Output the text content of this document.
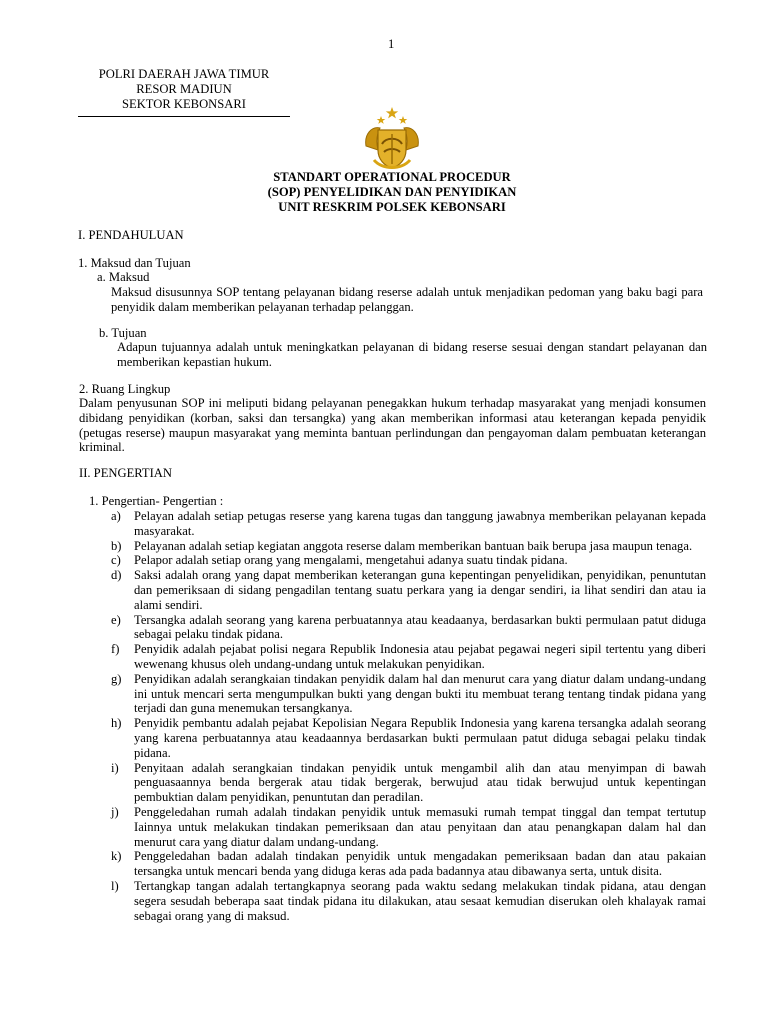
1
POLRI DAERAH JAWA TIMUR
RESOR MADIUN
SEKTOR KEBONSARI
STANDART OPERATIONAL PROCEDUR
(SOP) PENYELIDIKAN DAN PENYIDIKAN
UNIT RESKRIM POLSEK KEBONSARI
I. PENDAHULUAN
1. Maksud dan Tujuan
a. Maksud
Maksud disusunnya SOP tentang pelayanan bidang reserse adalah untuk menjadikan pedoman yang baku bagi para penyidik dalam memberikan pelayanan terhadap pelanggan.
b. Tujuan
Adapun tujuannya adalah untuk meningkatkan pelayanan di bidang reserse sesuai dengan standart pelayanan dan memberikan kepastian hukum.
2. Ruang Lingkup
Dalam penyusunan SOP ini meliputi bidang pelayanan penegakkan hukum terhadap masyarakat yang menjadi konsumen dibidang penyidikan (korban, saksi dan tersangka) yang akan memberikan informasi atau keterangan kepada penyidik (petugas reserse) maupun masyarakat yang meminta bantuan perlindungan dan pengayoman dalam pembuatan keterangan kriminal.
II. PENGERTIAN
1. Pengertian- Pengertian :
a) Pelayan adalah setiap petugas reserse yang karena tugas dan tanggung jawabnya memberikan pelayanan kepada masyarakat.
b) Pelayanan adalah setiap kegiatan anggota reserse dalam memberikan bantuan baik berupa jasa maupun tenaga.
c) Pelapor adalah setiap orang yang mengalami, mengetahui adanya suatu tindak pidana.
d) Saksi adalah orang yang dapat memberikan keterangan guna kepentingan penyelidikan, penyidikan, penuntutan dan pemeriksaan di sidang pengadilan tentang suatu perkara yang ia dengar sendiri, ia lihat sendiri dan atau ia alami sendiri.
e) Tersangka adalah seorang yang karena perbuatannya atau keadaanya, berdasarkan bukti permulaan patut diduga sebagai pelaku tindak pidana.
f) Penyidik adalah pejabat polisi negara Republik Indonesia atau pejabat pegawai negeri sipil tertentu yang diberi wewenang khusus oleh undang-undang untuk melakukan penyidikan.
g) Penyidikan adalah serangkaian tindakan penyidik dalam hal dan menurut cara yang diatur dalam undang-undang ini untuk mencari serta mengumpulkan bukti yang dengan bukti itu membuat terang tentang tindak pidana yang terjadi dan guna menemukan tersangkanya.
h) Penyidik pembantu adalah pejabat Kepolisian Negara Republik Indonesia yang karena tersangka adalah seorang yang karena perbuatannya atau keadaannya berdasarkan bukti permulaan patut diduga sebagai pelaku tindak pidana.
i) Penyitaan adalah serangkaian tindakan penyidik untuk mengambil alih dan atau menyimpan di bawah penguasaannya benda bergerak atau tidak bergerak, berwujud atau tidak berwujud untuk kepentingan pembuktian dalam penyidikan, penuntutan dan peradilan.
j) Penggeledahan rumah adalah tindakan penyidik untuk memasuki rumah tempat tinggal dan tempat tertutup Iainnya untuk melakukan tindakan pemeriksaan dan atau penyitaan dan atau penangkapan dalam hal dan menurut cara yang diatur dalam undang-undang.
k) Penggeledahan badan adalah tindakan penyidik untuk mengadakan pemeriksaan badan dan atau pakaian tersangka untuk mencari benda yang diduga keras ada pada badannya atau dibawanya serta, untuk disita.
l) Tertangkap tangan adalah tertangkapnya seorang pada waktu sedang melakukan tindak pidana, atau dengan segera sesudah beberapa saat tindak pidana itu dilakukan, atau sesaat kemudian diserukan oleh khalayak ramai sebagai orang yang di maksud.
